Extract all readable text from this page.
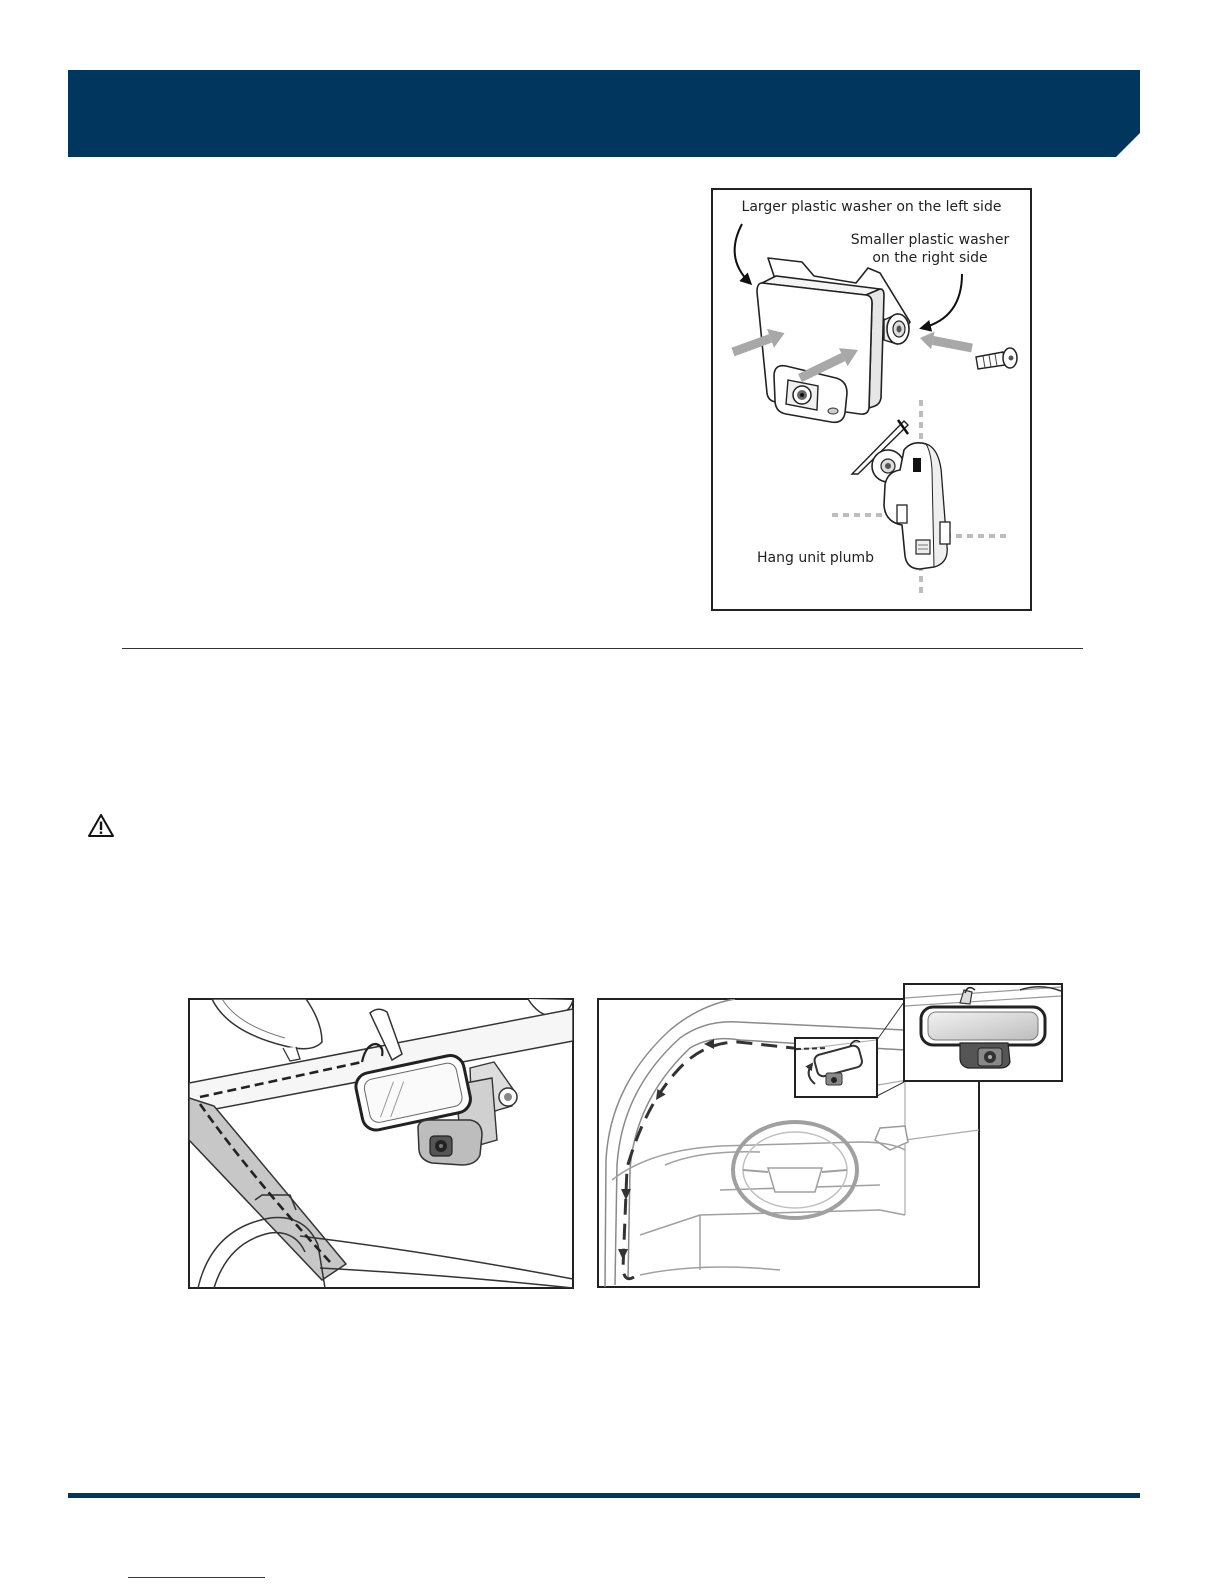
Larger plastic washer on the left side
Smaller plastic washer
on the right side
Hang unit plumb
